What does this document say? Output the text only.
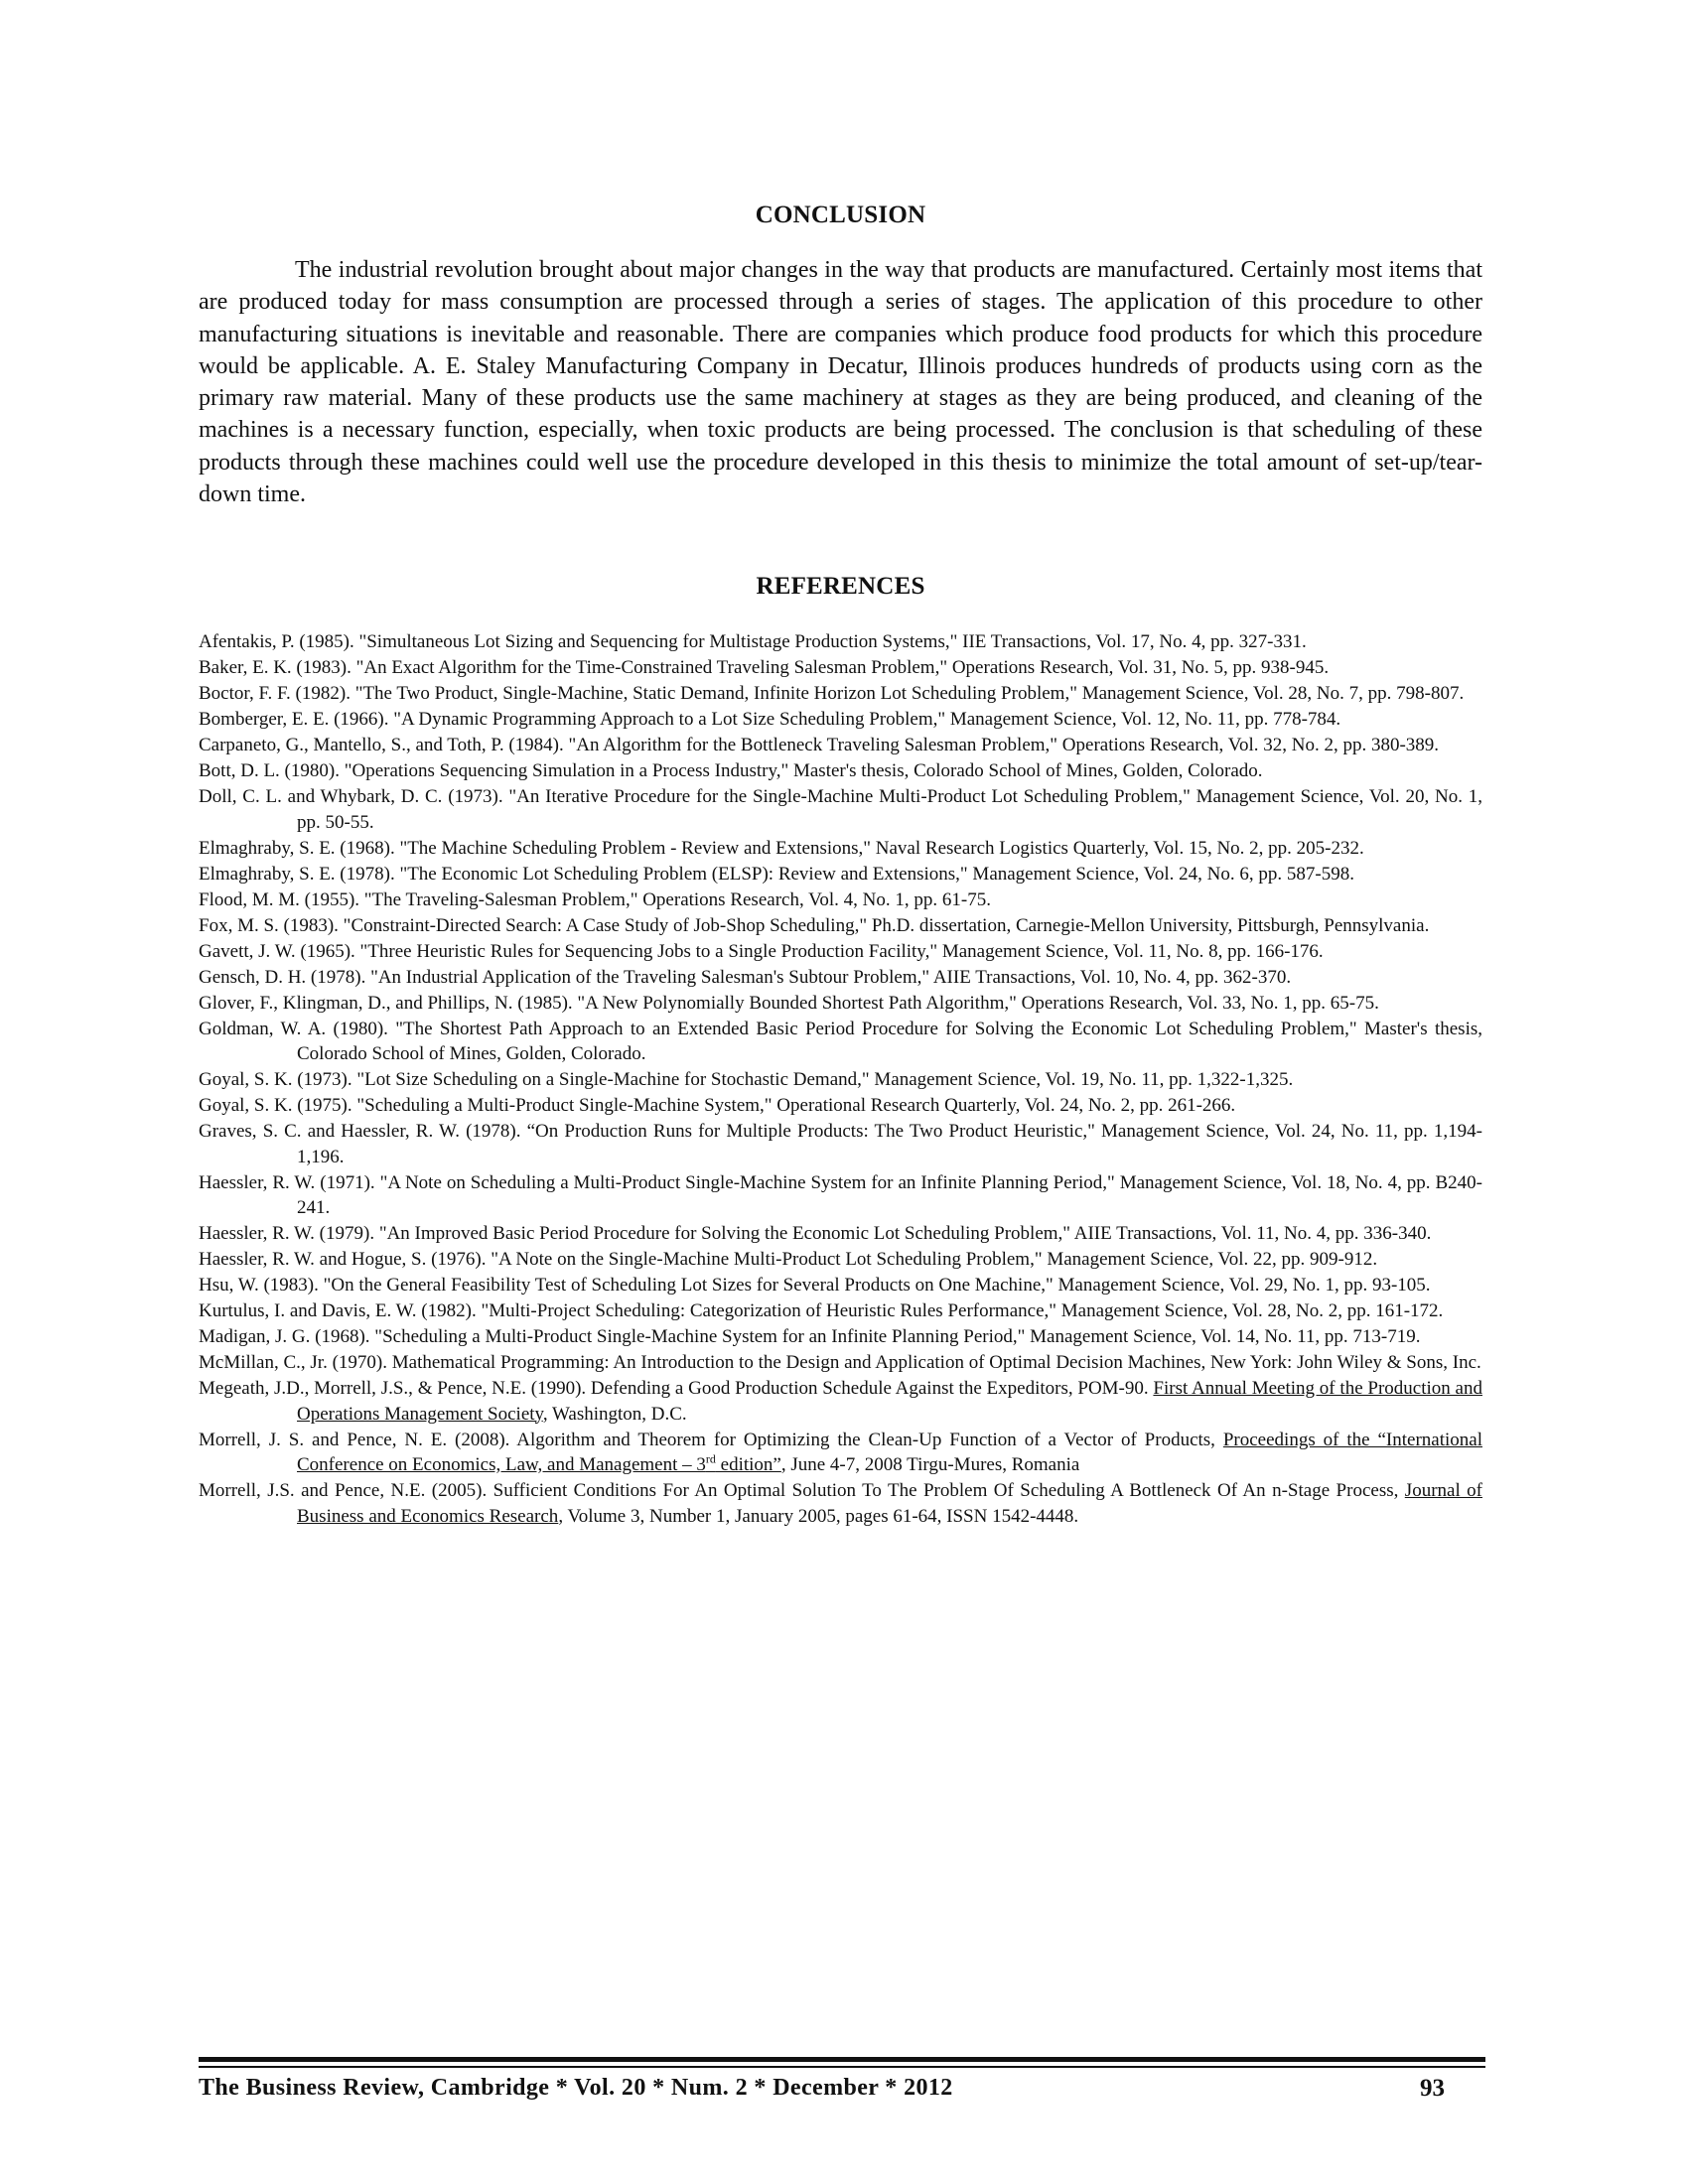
CONCLUSION

The industrial revolution brought about major changes in the way that products are manufactured. Certainly most items that are produced today for mass consumption are processed through a series of stages. The application of this procedure to other manufacturing situations is inevitable and reasonable. There are companies which produce food products for which this procedure would be applicable. A. E. Staley Manufacturing Company in Decatur, Illinois produces hundreds of products using corn as the primary raw material. Many of these products use the same machinery at stages as they are being produced, and cleaning of the machines is a necessary function, especially, when toxic products are being processed. The conclusion is that scheduling of these products through these machines could well use the procedure developed in this thesis to minimize the total amount of set-up/tear-down time.

REFERENCES
Afentakis, P. (1985). "Simultaneous Lot Sizing and Sequencing for Multistage Production Systems," IIE Transactions, Vol. 17, No. 4, pp. 327-331.
Baker, E. K. (1983). "An Exact Algorithm for the Time-Constrained Traveling Salesman Problem," Operations Research, Vol. 31, No. 5, pp. 938-945.
Boctor, F. F. (1982). "The Two Product, Single-Machine, Static Demand, Infinite Horizon Lot Scheduling Problem," Management Science, Vol. 28, No. 7, pp. 798-807.
Bomberger, E. E. (1966). "A Dynamic Programming Approach to a Lot Size Scheduling Problem," Management Science, Vol. 12, No. 11, pp. 778-784.
Carpaneto, G., Mantello, S., and Toth, P. (1984). "An Algorithm for the Bottleneck Traveling Salesman Problem," Operations Research, Vol. 32, No. 2, pp. 380-389.
Bott, D. L. (1980). "Operations Sequencing Simulation in a Process Industry," Master's thesis, Colorado School of Mines, Golden, Colorado.
Doll, C. L. and Whybark, D. C. (1973). "An Iterative Procedure for the Single-Machine Multi-Product Lot Scheduling Problem," Management Science, Vol. 20, No. 1, pp. 50-55.
Elmaghraby, S. E. (1968). "The Machine Scheduling Problem - Review and Extensions," Naval Research Logistics Quarterly, Vol. 15, No. 2, pp. 205-232.
Elmaghraby, S. E. (1978). "The Economic Lot Scheduling Problem (ELSP): Review and Extensions," Management Science, Vol. 24, No. 6, pp. 587-598.
Flood, M. M. (1955). "The Traveling-Salesman Problem," Operations Research, Vol. 4, No. 1, pp. 61-75.
Fox, M. S. (1983). "Constraint-Directed Search: A Case Study of Job-Shop Scheduling," Ph.D. dissertation, Carnegie-Mellon University, Pittsburgh, Pennsylvania.
Gavett, J. W. (1965). "Three Heuristic Rules for Sequencing Jobs to a Single Production Facility," Management Science, Vol. 11, No. 8, pp. 166-176.
Gensch, D. H. (1978). "An Industrial Application of the Traveling Salesman's Subtour Problem," AIIE Transactions, Vol. 10, No. 4, pp. 362-370.
Glover, F., Klingman, D., and Phillips, N. (1985). "A New Polynomially Bounded Shortest Path Algorithm," Operations Research, Vol. 33, No. 1, pp. 65-75.
Goldman, W. A. (1980). "The Shortest Path Approach to an Extended Basic Period Procedure for Solving the Economic Lot Scheduling Problem," Master's thesis, Colorado School of Mines, Golden, Colorado.
Goyal, S. K. (1973). "Lot Size Scheduling on a Single-Machine for Stochastic Demand," Management Science, Vol. 19, No. 11, pp. 1,322-1,325.
Goyal, S. K. (1975). "Scheduling a Multi-Product Single-Machine System," Operational Research Quarterly, Vol. 24, No. 2, pp. 261-266.
Graves, S. C. and Haessler, R. W. (1978). “On Production Runs for Multiple Products: The Two Product Heuristic," Management Science, Vol. 24, No. 11, pp. 1,194-1,196.
Haessler, R. W. (1971). "A Note on Scheduling a Multi-Product Single-Machine System for an Infinite Planning Period," Management Science, Vol. 18, No. 4, pp. B240-241.
Haessler, R. W. (1979). "An Improved Basic Period Procedure for Solving the Economic Lot Scheduling Problem," AIIE Transactions, Vol. 11, No. 4, pp. 336-340.
Haessler, R. W. and Hogue, S. (1976). "A Note on the Single-Machine Multi-Product Lot Scheduling Problem," Management Science, Vol. 22, pp. 909-912.
Hsu, W. (1983). "On the General Feasibility Test of Scheduling Lot Sizes for Several Products on One Machine," Management Science, Vol. 29, No. 1, pp. 93-105.
Kurtulus, I. and Davis, E. W. (1982). "Multi-Project Scheduling: Categorization of Heuristic Rules Performance," Management Science, Vol. 28, No. 2, pp. 161-172.
Madigan, J. G. (1968). "Scheduling a Multi-Product Single-Machine System for an Infinite Planning Period," Management Science, Vol. 14, No. 11, pp. 713-719.
McMillan, C., Jr. (1970). Mathematical Programming: An Introduction to the Design and Application of Optimal Decision Machines, New York: John Wiley & Sons, Inc.
Megeath, J.D., Morrell, J.S., & Pence, N.E. (1990). Defending a Good Production Schedule Against the Expeditors, POM-90. First Annual Meeting of the Production and Operations Management Society, Washington, D.C.
Morrell, J. S. and Pence, N. E. (2008). Algorithm and Theorem for Optimizing the Clean-Up Function of a Vector of Products, Proceedings of the “International Conference on Economics, Law, and Management – 3rd edition”, June 4-7, 2008 Tirgu-Mures, Romania
Morrell, J.S. and Pence, N.E. (2005). Sufficient Conditions For An Optimal Solution To The Problem Of Scheduling A Bottleneck Of An n-Stage Process, Journal of Business and Economics Research, Volume 3, Number 1, January 2005, pages 61-64, ISSN 1542-4448.
The Business Review, Cambridge * Vol. 20 * Num. 2 * December * 2012	93
